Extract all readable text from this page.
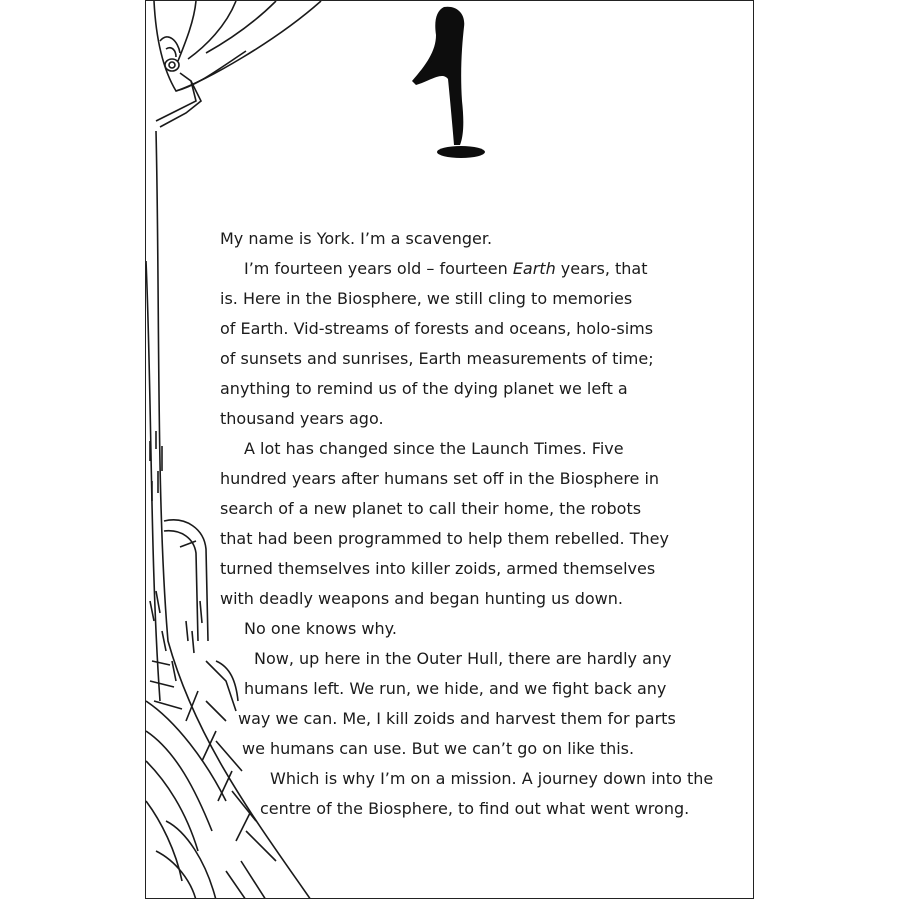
My name is York. I’m a scavenger.
I’m fourteen years old – fourteen Earth years, that
is. Here in the Biosphere, we still cling to memories
of Earth. Vid-streams of forests and oceans, holo-sims
of sunsets and sunrises, Earth measurements of time;
anything to remind us of the dying planet we left a
thousand years ago.
A lot has changed since the Launch Times. Five
hundred years after humans set off in the Biosphere in
search of a new planet to call their home, the robots
that had been programmed to help them rebelled. They
turned themselves into killer zoids, armed themselves
with deadly weapons and began hunting us down.
No one knows why.
Now, up here in the Outer Hull, there are hardly any
humans left. We run, we hide, and we fight back any
way we can. Me, I kill zoids and harvest them for parts
we humans can use. But we can’t go on like this.
Which is why I’m on a mission. A journey down into the
centre of the Biosphere, to find out what went wrong.
